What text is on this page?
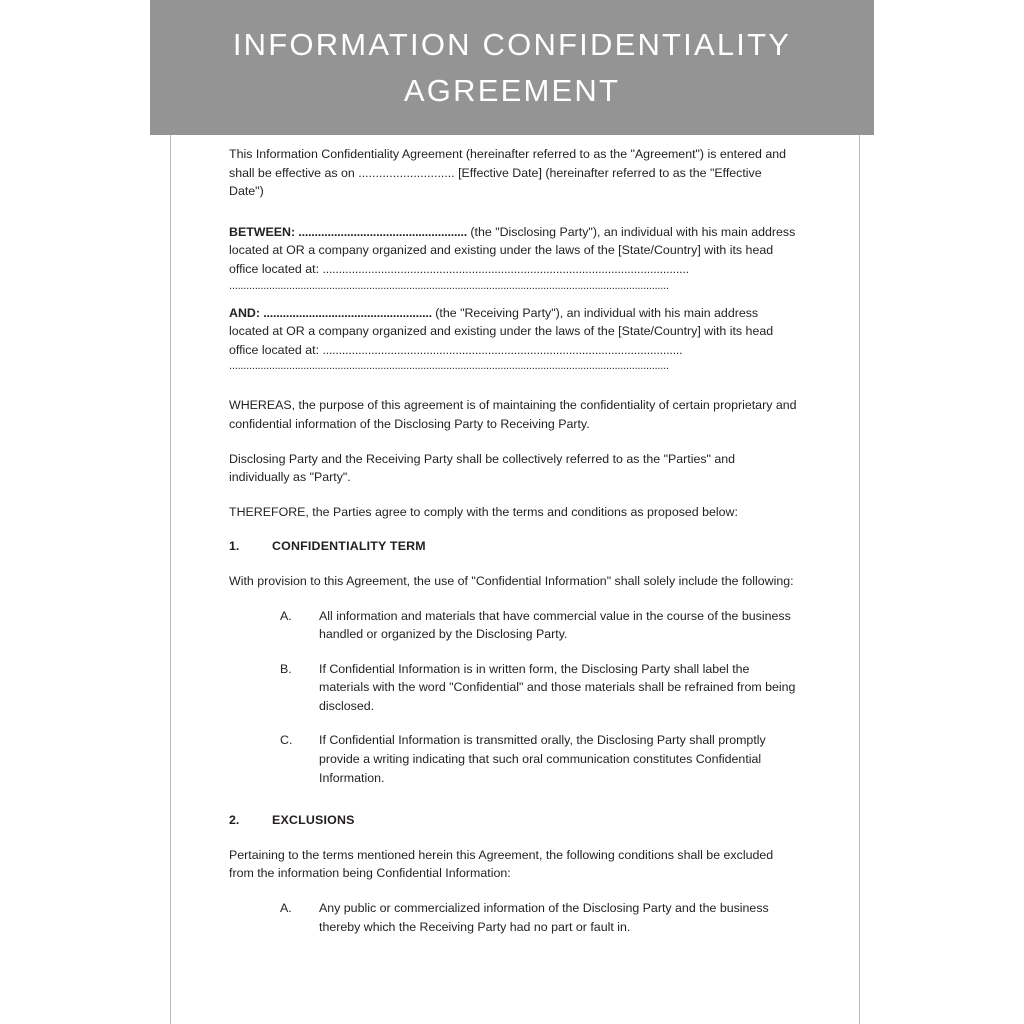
INFORMATION CONFIDENTIALITY AGREEMENT

This Information Confidentiality Agreement (hereinafter referred to as the "Agreement") is entered and shall be effective as on ............................ [Effective Date] (hereinafter referred to as the "Effective Date")

BETWEEN: .................................................... (the "Disclosing Party"), an individual with his main address located at OR a company organized and existing under the laws of the [State/Country] with its head office located at: .................................................................................................................
..........................................................................................................................................................

AND: .................................................... (the "Receiving Party"), an individual with his main address located at OR a company organized and existing under the laws of the [State/Country] with its head office located at: ...............................................................................................................
..........................................................................................................................................................

WHEREAS, the purpose of this agreement is of maintaining the confidentiality of certain proprietary and confidential information of the Disclosing Party to Receiving Party.

Disclosing Party and the Receiving Party shall be collectively referred to as the "Parties" and individually as "Party".

THEREFORE, the Parties agree to comply with the terms and conditions as proposed below:

1.	CONFIDENTIALITY TERM

With provision to this Agreement, the use of "Confidential Information" shall solely include the following:

A.	All information and materials that have commercial value in the course of the business handled or organized by the Disclosing Party.
B.	If Confidential Information is in written form, the Disclosing Party shall label the materials with the word "Confidential" and those materials shall be refrained from being disclosed.
C.	If Confidential Information is transmitted orally, the Disclosing Party shall promptly provide a writing indicating that such oral communication constitutes Confidential Information.
2.	EXCLUSIONS

Pertaining to the terms mentioned herein this Agreement, the following conditions shall be excluded from the information being Confidential Information:

A.	Any public or commercialized information of the Disclosing Party and the business thereby which the Receiving Party had no part or fault in.
